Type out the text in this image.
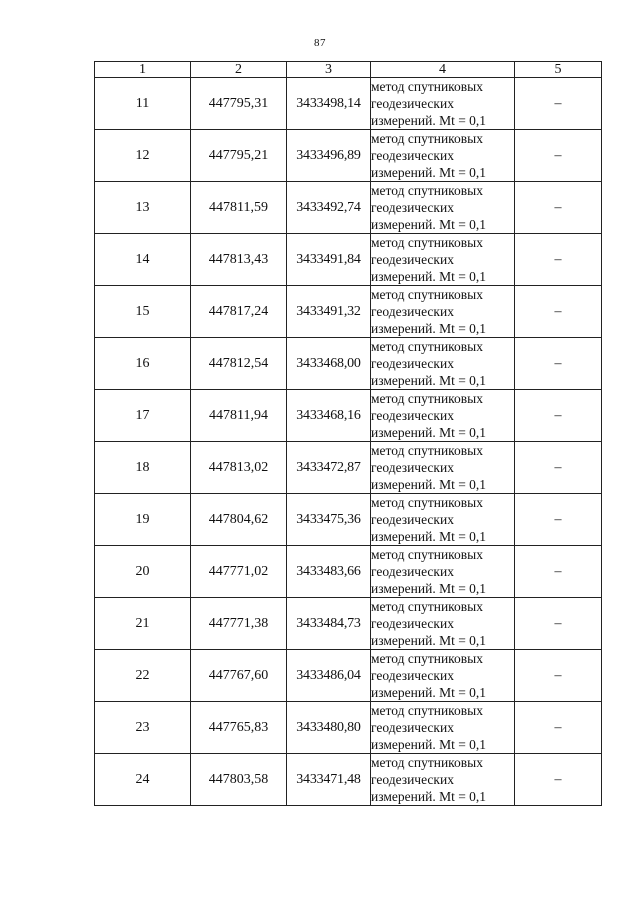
87
1	2	3	4	5
11	447795,31	3433498,14	метод спутниковых
геодезических
измерений. Mt = 0,1	–
12	447795,21	3433496,89	метод спутниковых
геодезических
измерений. Mt = 0,1	–
13	447811,59	3433492,74	метод спутниковых
геодезических
измерений. Mt = 0,1	–
14	447813,43	3433491,84	метод спутниковых
геодезических
измерений. Mt = 0,1	–
15	447817,24	3433491,32	метод спутниковых
геодезических
измерений. Mt = 0,1	–
16	447812,54	3433468,00	метод спутниковых
геодезических
измерений. Mt = 0,1	–
17	447811,94	3433468,16	метод спутниковых
геодезических
измерений. Mt = 0,1	–
18	447813,02	3433472,87	метод спутниковых
геодезических
измерений. Mt = 0,1	–
19	447804,62	3433475,36	метод спутниковых
геодезических
измерений. Mt = 0,1	–
20	447771,02	3433483,66	метод спутниковых
геодезических
измерений. Mt = 0,1	–
21	447771,38	3433484,73	метод спутниковых
геодезических
измерений. Mt = 0,1	–
22	447767,60	3433486,04	метод спутниковых
геодезических
измерений. Mt = 0,1	–
23	447765,83	3433480,80	метод спутниковых
геодезических
измерений. Mt = 0,1	–
24	447803,58	3433471,48	метод спутниковых
геодезических
измерений. Mt = 0,1	–
